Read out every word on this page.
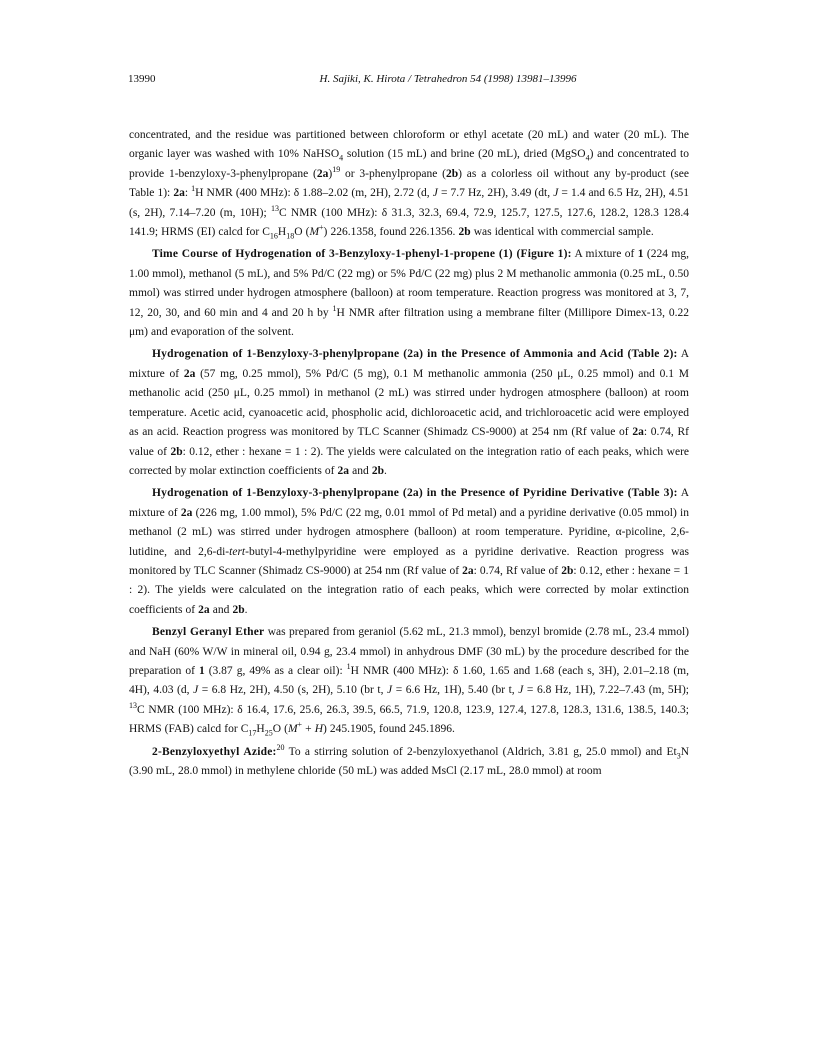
13990	H. Sajiki, K. Hirota / Tetrahedron 54 (1998) 13981–13996

concentrated, and the residue was partitioned between chloroform or ethyl acetate (20 mL) and water (20 mL). The organic layer was washed with 10% NaHSO$_4$ solution (15 mL) and brine (20 mL), dried (MgSO$_4$) and concentrated to provide 1-benzyloxy-3-phenylpropane $(2a)^{19}$ or 3-phenylpropane (2b) as a colorless oil without any by-product (see Table 1): 2a: $^1$H NMR (400 MHz): δ 1.88–2.02 (m, 2H), 2.72 (d, J = 7.7 Hz, 2H), 3.49 (dt, J = 1.4 and 6.5 Hz, 2H), 4.51 (s, 2H), 7.14–7.20 (m, 10H); $^{13}$C NMR (100 MHz): δ 31.3, 32.3, 69.4, 72.9, 125.7, 127.5, 127.6, 128.2, 128.3 128.4 141.9; HRMS (EI) calcd for $C_{16}H_{18}O$ (M+) 226.1358, found 226.1356. 2b was identical with commercial sample.

Time Course of Hydrogenation of 3-Benzyloxy-1-phenyl-1-propene (1) (Figure 1): A mixture of 1 (224 mg, 1.00 mmol), methanol (5 mL), and 5% Pd/C (22 mg) or 5% Pd/C (22 mg) plus 2 M methanolic ammonia (0.25 mL, 0.50 mmol) was stirred under hydrogen atmosphere (balloon) at room temperature. Reaction progress was monitored at 3, 7, 12, 20, 30, and 60 min and 4 and 20 h by $^1$H NMR after filtration using a membrane filter (Millipore Dimex-13, 0.22 μm) and evaporation of the solvent.

Hydrogenation of 1-Benzyloxy-3-phenylpropane (2a) in the Presence of Ammonia and Acid (Table 2): A mixture of 2a (57 mg, 0.25 mmol), 5% Pd/C (5 mg), 0.1 M methanolic ammonia (250 μL, 0.25 mmol) and 0.1 M methanolic acid (250 μL, 0.25 mmol) in methanol (2 mL) was stirred under hydrogen atmosphere (balloon) at room temperature. Acetic acid, cyanoacetic acid, phospholic acid, dichloroacetic acid, and trichloroacetic acid were employed as an acid. Reaction progress was monitored by TLC Scanner (Shimadz CS-9000) at 254 nm (Rf value of 2a: 0.74, Rf value of 2b: 0.12, ether : hexane = 1 : 2). The yields were calculated on the integration ratio of each peaks, which were corrected by molar extinction coefficients of 2a and 2b.

Hydrogenation of 1-Benzyloxy-3-phenylpropane (2a) in the Presence of Pyridine Derivative (Table 3): A mixture of 2a (226 mg, 1.00 mmol), 5% Pd/C (22 mg, 0.01 mmol of Pd metal) and a pyridine derivative (0.05 mmol) in methanol (2 mL) was stirred under hydrogen atmosphere (balloon) at room temperature. Pyridine, α-picoline, 2,6-lutidine, and 2,6-di-tert-butyl-4-methylpyridine were employed as a pyridine derivative. Reaction progress was monitored by TLC Scanner (Shimadz CS-9000) at 254 nm (Rf value of 2a: 0.74, Rf value of 2b: 0.12, ether : hexane = 1 : 2). The yields were calculated on the integration ratio of each peaks, which were corrected by molar extinction coefficients of 2a and 2b.

Benzyl Geranyl Ether was prepared from geraniol (5.62 mL, 21.3 mmol), benzyl bromide (2.78 mL, 23.4 mmol) and NaH (60% W/W in mineral oil, 0.94 g, 23.4 mmol) in anhydrous DMF (30 mL) by the procedure described for the preparation of 1 (3.87 g, 49% as a clear oil): $^1$H NMR (400 MHz): δ 1.60, 1.65 and 1.68 (each s, 3H), 2.01–2.18 (m, 4H), 4.03 (d, J = 6.8 Hz, 2H), 4.50 (s, 2H), 5.10 (br t, J = 6.6 Hz, 1H), 5.40 (br t, J = 6.8 Hz, 1H), 7.22–7.43 (m, 5H); $^{13}$C NMR (100 MHz): δ 16.4, 17.6, 25.6, 26.3, 39.5, 66.5, 71.9, 120.8, 123.9, 127.4, 127.8, 128.3, 131.6, 138.5, 140.3; HRMS (FAB) calcd for $C_{17}H_{25}O$ (M+ + H) 245.1905, found 245.1896.

2-Benzyloxyethyl Azide:$^{20}$ To a stirring solution of 2-benzyloxyethanol (Aldrich, 3.81 g, 25.0 mmol) and $Et_3N$ (3.90 mL, 28.0 mmol) in methylene chloride (50 mL) was added MsCl (2.17 mL, 28.0 mmol) at room
